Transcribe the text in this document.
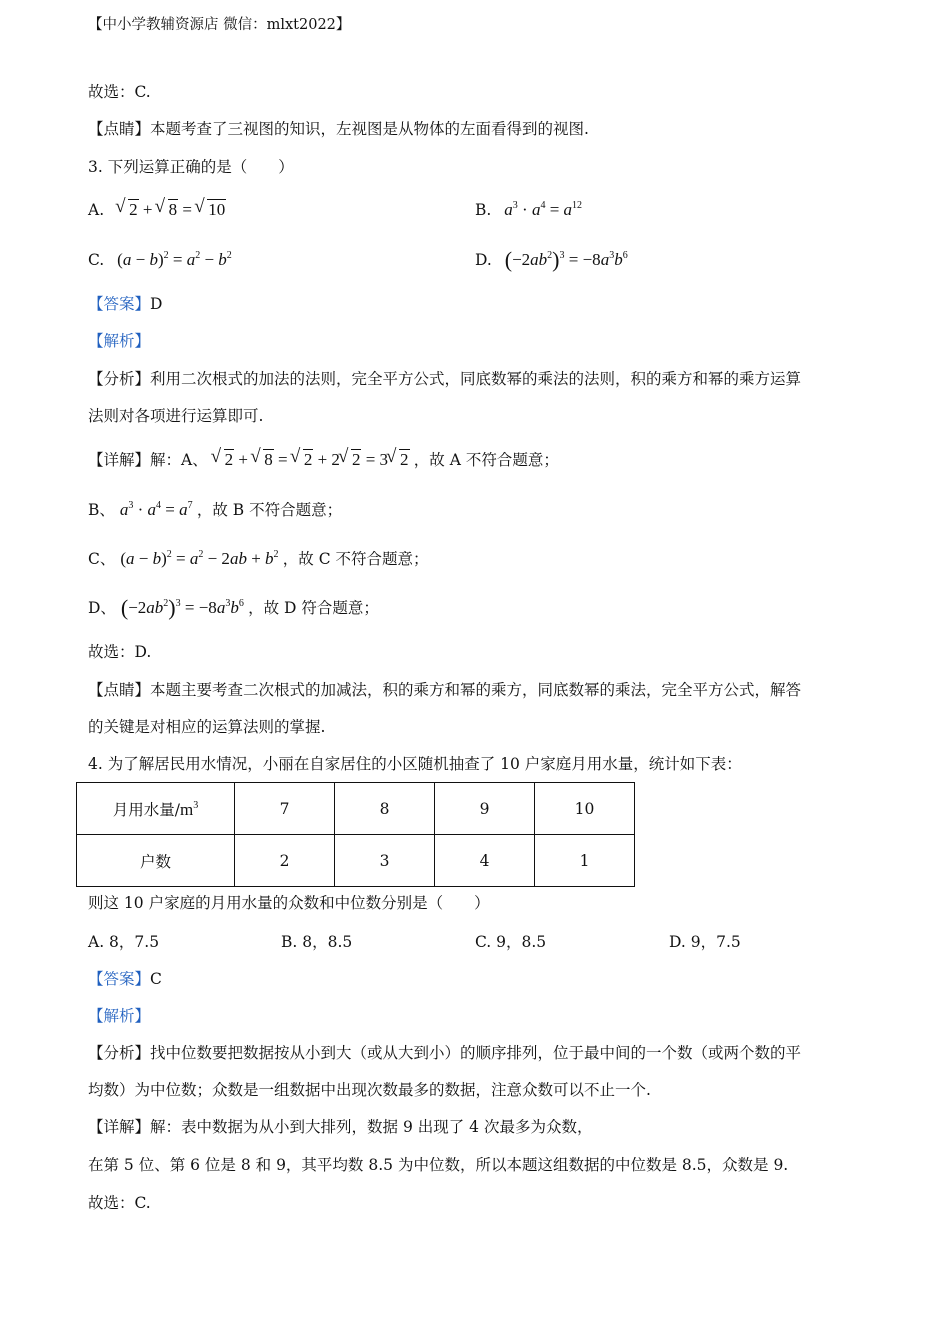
【中小学教辅资源店 微信：mlxt2022】
故选：C.
【点睛】本题考查了三视图的知识，左视图是从物体的左面看得到的视图.
3. 下列运算正确的是（　　）
A. √ 2 + √ 8 = √ 10	B. $a^3 \cdot a^4 = a^{12}$
C. $(a - b)^2 = a^2 - b^2$	D. $(-2ab^2)^3 = -8a^3b^6$
【答案】D
【解析】
【分析】利用二次根式的加法的法则，完全平方公式，同底数幂的乘法的法则，积的乘方和幂的乘方运算
法则对各项进行运算即可.
【详解】解：A、 √ 2 + √ 8 = √ 2 + 2 √ 2 = 3 √ 2 ，故 A 不符合题意；
B、 $a^3 \cdot a^4 = a^7$ ，故 B 不符合题意；
C、 $(a - b)^2 = a^2 - 2ab + b^2$ ，故 C 不符合题意；
D、 $(-2ab^2)^3 = -8a^3b^6$ ，故 D 符合题意；
故选：D.
【点睛】本题主要考查二次根式的加减法，积的乘方和幂的乘方，同底数幂的乘法，完全平方公式，解答
的关键是对相应的运算法则的掌握.
4. 为了解居民用水情况，小丽在自家居住的小区随机抽查了 10 户家庭月用水量，统计如下表：
月用水量$/m^3$	7	8	9	10
户数	2	3	4	1
则这 10 户家庭的月用水量的众数和中位数分别是（　　）
A. 8，7.5	B. 8，8.5	C. 9，8.5	D. 9，7.5
【答案】C
【解析】
【分析】找中位数要把数据按从小到大（或从大到小）的顺序排列，位于最中间的一个数（或两个数的平
均数）为中位数；众数是一组数据中出现次数最多的数据，注意众数可以不止一个.
【详解】解：表中数据为从小到大排列，数据 9 出现了 4 次最多为众数，
在第 5 位、第 6 位是 8 和 9，其平均数 8.5 为中位数，所以本题这组数据的中位数是 8.5，众数是 9.
故选：C.
